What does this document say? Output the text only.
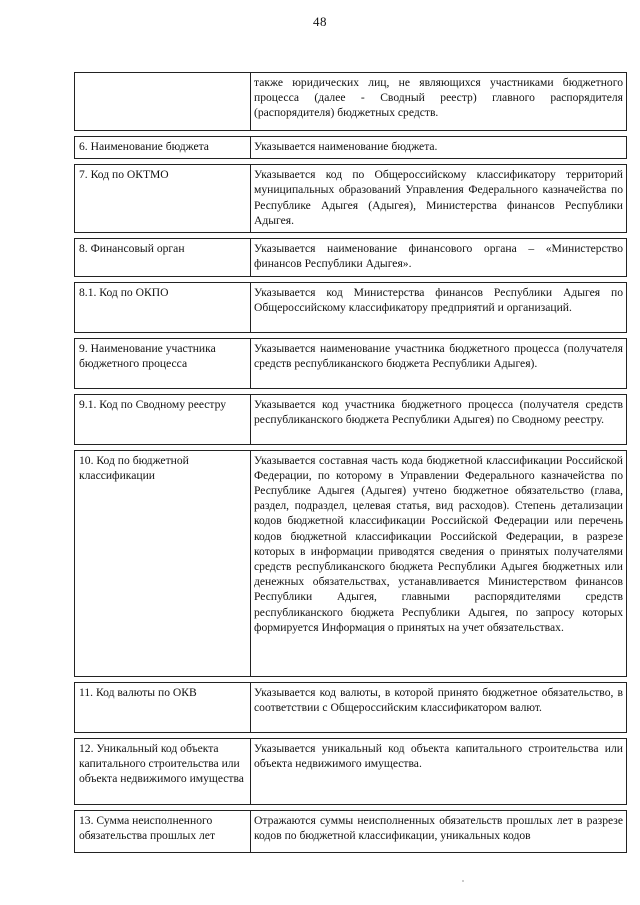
48
	также юридических лиц, не являющихся участниками бюджетного процесса (далее - Сводный реестр) главного распорядителя (распорядителя) бюджетных средств.

6. Наименование бюджета	Указывается наименование бюджета.

7. Код по ОКТМО	Указывается код по Общероссийскому классификатору территорий муниципальных образований Управления Федерального казначейства по Республике Адыгея (Адыгея), Министерства финансов Республики Адыгея.

8. Финансовый орган	Указывается наименование финансового органа – «Министерство финансов Республики Адыгея».

8.1. Код по ОКПО	Указывается код Министерства финансов Республики Адыгея по Общероссийскому классификатору предприятий и организаций.

9. Наименование участника бюджетного процесса	Указывается наименование участника бюджетного процесса (получателя средств республиканского бюджета Республики Адыгея).

9.1. Код по Сводному реестру	Указывается код участника бюджетного процесса (получателя средств республиканского бюджета Республики Адыгея) по Сводному реестру.

10. Код по бюджетной классификации	Указывается составная часть кода бюджетной классификации Российской Федерации, по которому в Управлении Федерального казначейства по Республике Адыгея (Адыгея) учтено бюджетное обязательство (глава, раздел, подраздел, целевая статья, вид расходов). Степень детализации кодов бюджетной классификации Российской Федерации или перечень кодов бюджетной классификации Российской Федерации, в разрезе которых в информации приводятся сведения о принятых получателями средств республиканского бюджета Республики Адыгея бюджетных или денежных обязательствах, устанавливается Министерством финансов Республики Адыгея, главными распорядителями средств республиканского бюджета Республики Адыгея, по запросу которых формируется Информация о принятых на учет обязательствах.

11. Код валюты по ОКВ	Указывается код валюты, в которой принято бюджетное обязательство, в соответствии с Общероссийским классификатором валют.

12. Уникальный код объекта капитального строительства или объекта недвижимого имущества	Указывается уникальный код объекта капитального строительства или объекта недвижимого имущества.

13. Сумма неисполненного обязательства прошлых лет	Отражаются суммы неисполненных обязательств прошлых лет в разрезе кодов по бюджетной классификации, уникальных кодов
